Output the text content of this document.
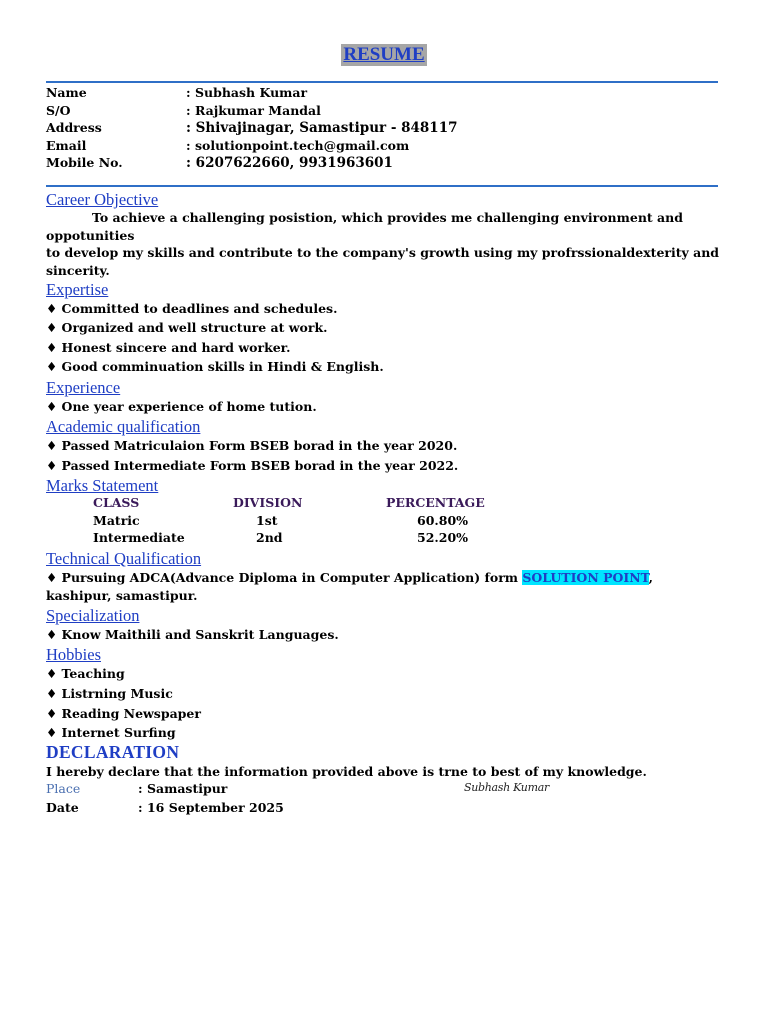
RESUME
Name	: Subhash Kumar
S/O	: Rajkumar Mandal
Address	: Shivajinagar, Samastipur - 848117
Email	: solutionpoint.tech@gmail.com
Mobile No.	: 6207622660, 9931963601
Career Objective
To achieve a challenging posistion, which provides me challenging environment and oppotunities
to develop my skills and contribute to the company's growth using my profrssionaldexterity and sincerity.
Expertise
♦ Committed to deadlines and schedules.
♦ Organized and well structure at work.
♦ Honest sincere and hard worker.
♦ Good comminuation skills in Hindi & English.
Experience
♦ One year experience of home tution.
Academic qualification
♦ Passed Matriculaion Form BSEB borad in the year 2020.
♦ Passed Intermediate Form BSEB borad in the year 2022.
Marks Statement
CLASS	DIVISION	PERCENTAGE
Matric	1st	60.80%
Intermediate	2nd	52.20%
Technical Qualification
♦ Pursuing ADCA(Advance Diploma in Computer Application) form SOLUTION POINT,
kashipur, samastipur.
Specialization
♦ Know Maithili and Sanskrit Languages.
Hobbies
♦ Teaching
♦ Listrning Music
♦ Reading Newspaper
♦ Internet Surfing
DECLARATION
I hereby declare that the information provided above is trne to best of my knowledge.
Place	: Samastipur	Subhash Kumar
Date	: 16 September 2025
